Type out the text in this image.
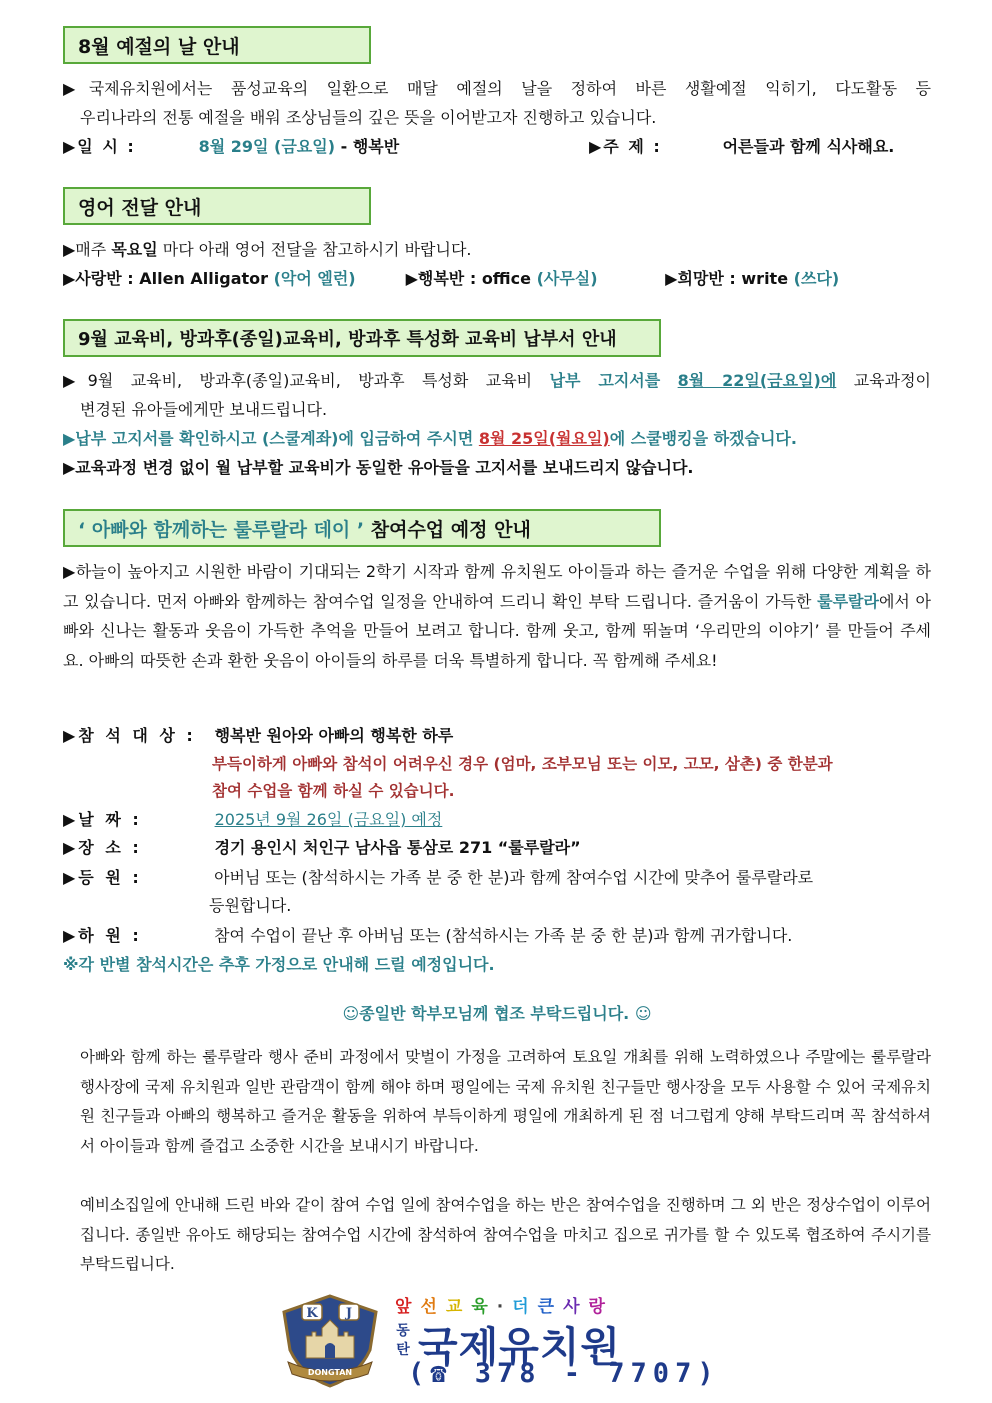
8월 예절의 날 안내
▶국제유치원에서는 품성교육의 일환으로 매달 예절의 날을 정하여 바른 생활예절 익히기, 다도활동 등
우리나라의 전통 예절을 배워 조상님들의 깊은 뜻을 이어받고자 진행하고 있습니다.
▶일 시 :	8월 29일 (금요일) - 행복반	▶주 제 :	어른들과 함께 식사해요.
영어 전달 안내
▶매주 목요일 마다 아래 영어 전달을 참고하시기 바랍니다.
▶사랑반 : Allen Alligator (악어 엘런)	▶행복반 : office (사무실)	▶희망반 : write (쓰다)
9월 교육비, 방과후(종일)교육비, 방과후 특성화 교육비 납부서 안내
▶9월 교육비, 방과후(종일)교육비, 방과후 특성화 교육비 납부 고지서를 8월 22일(금요일)에 교육과정이
변경된 유아들에게만 보내드립니다.
▶납부 고지서를 확인하시고 (스쿨계좌)에 입금하여 주시면 8월 25일(월요일)에 스쿨뱅킹을 하겠습니다.
▶교육과정 변경 없이 월 납부할 교육비가 동일한 유아들을 고지서를 보내드리지 않습니다.
‘ 아빠와 함께하는 룰루랄라 데이 ’ 참여수업 예정 안내
▶하늘이 높아지고 시원한 바람이 기대되는 2학기 시작과 함께 유치원도 아이들과 하는 즐거운 수업을 위해 다양한 계획을 하고 있습니다. 먼저 아빠와 함께하는 참여수업 일정을 안내하여 드리니 확인 부탁 드립니다. 즐거움이 가득한 룰루랄라에서 아빠와 신나는 활동과 웃음이 가득한 추억을 만들어 보려고 합니다. 함께 웃고, 함께 뛰놀며 ‘우리만의 이야기’ 를 만들어 주세요. 아빠의 따뜻한 손과 환한 웃음이 아이들의 하루를 더욱 특별하게 합니다. 꼭 함께해 주세요!
▶참 석 대 상 : 행복반 원아와 아빠의 행복한 하루
부득이하게 아빠와 참석이 어려우신 경우 (엄마, 조부모님 또는 이모, 고모, 삼촌) 중 한분과
참여 수업을 함께 하실 수 있습니다.
▶날 짜 :	2025년 9월 26일 (금요일) 예정
▶장 소 :	경기 용인시 처인구 남사읍 통삼로 271 “룰루랄라”
▶등 원 :	아버님 또는 (참석하시는 가족 분 중 한 분)과 함께 참여수업 시간에 맞추어 룰루랄라로
등원합니다.
▶하 원 :	참여 수업이 끝난 후 아버님 또는 (참석하시는 가족 분 중 한 분)과 함께 귀가합니다.
※각 반별 참석시간은 추후 가정으로 안내해 드릴 예정입니다.
☺종일반 학부모님께 협조 부탁드립니다. ☺
아빠와 함께 하는 룰루랄라 행사 준비 과정에서 맞벌이 가정을 고려하여 토요일 개최를 위해 노력하였으나 주말에는 룰루랄라 행사장에 국제 유치원과 일반 관람객이 함께 해야 하며 평일에는 국제 유치원 친구들만 행사장을 모두 사용할 수 있어 국제유치원 친구들과 아빠의 행복하고 즐거운 활동을 위하여 부득이하게 평일에 개최하게 된 점 너그럽게 양해 부탁드리며 꼭 참석하셔서 아이들과 함께 즐겁고 소중한 시간을 보내시기 바랍니다.
예비소집일에 안내해 드린 바와 같이 참여 수업 일에 참여수업을 하는 반은 참여수업을 진행하며 그 외 반은 정상수업이 이루어집니다. 종일반 유아도 해당되는 참여수업 시간에 참석하여 참여수업을 마치고 집으로 귀가를 할 수 있도록 협조하여 주시기를 부탁드립니다.
K J
DONGTAN
앞선교육·더큰사랑
동
탄 국제유치원
(☎ 378 - 7707)
